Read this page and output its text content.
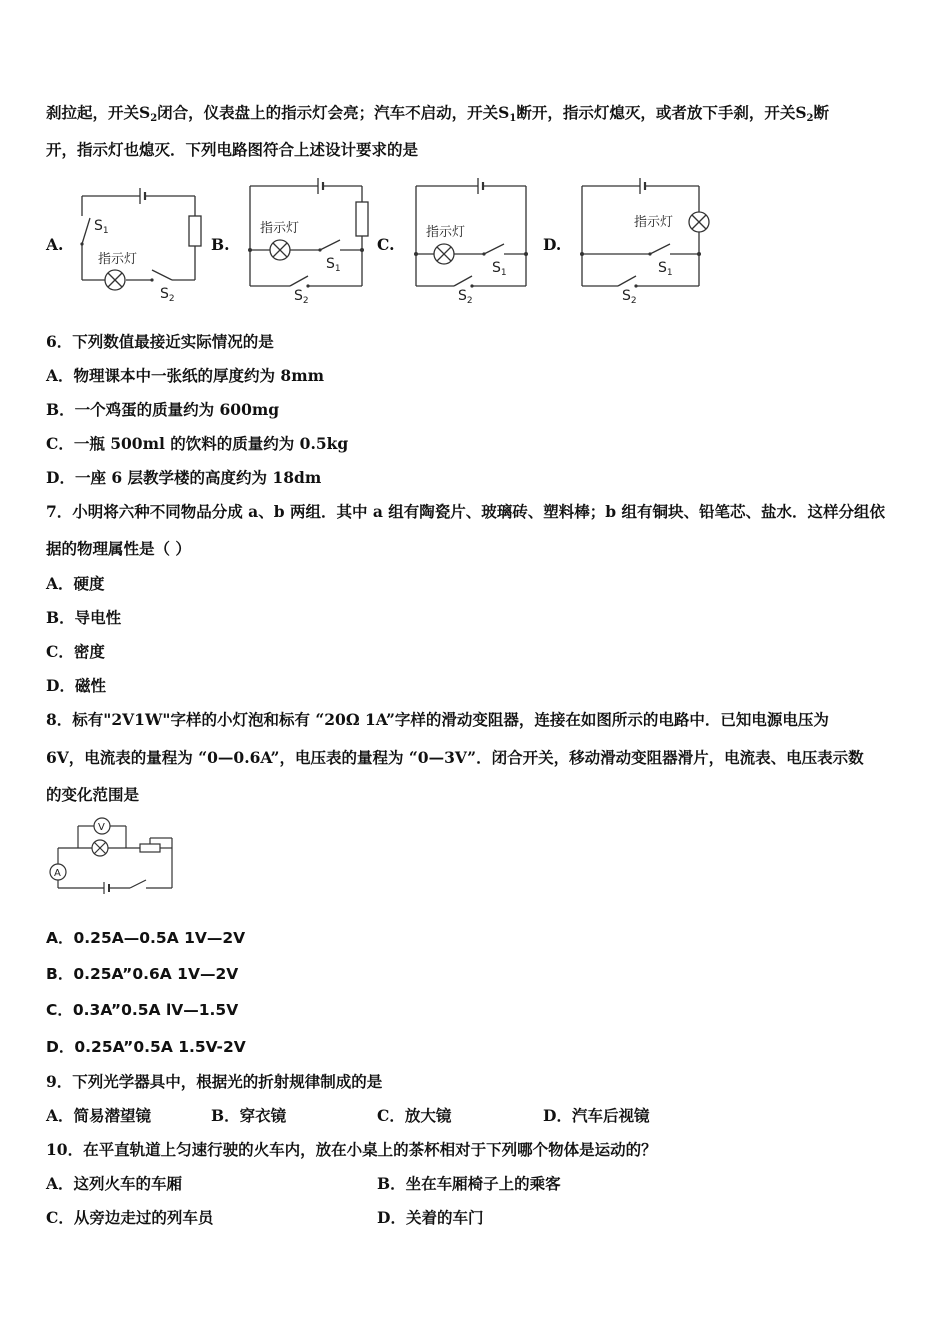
刹拉起，开关$S_2$闭合，仪表盘上的指示灯会亮；汽车不启动，开关$S_1$断开，指示灯熄灭，或者放下手刹，开关$S_2$断
开，指示灯也熄灭．下列电路图符合上述设计要求的是
A.	B.	C.	D.
$S_1$
指示灯
$S_2$
指示灯
$S_1$
$S_2$
指示灯
$S_1$
$S_2$
指示灯
$S_1$
$S_2$
6．下列数值最接近实际情况的是
A．物理课本中一张纸的厚度约为 8mm
B．一个鸡蛋的质量约为 600mg
C．一瓶 500ml 的饮料的质量约为 0.5kg
D．一座 6 层教学楼的高度约为 18dm
7．小明将六种不同物品分成 a、b 两组．其中 a 组有陶瓷片、玻璃砖、塑料棒；b 组有铜块、铅笔芯、盐水．这样分组依
据的物理属性是（ ）
A．硬度
B．导电性
C．密度
D．磁性
8．标有"2V1W"字样的小灯泡和标有 “20Ω 1A”字样的滑动变阻器，连接在如图所示的电路中．已知电源电压为
6V，电流表的量程为 “0—0.6A”，电压表的量程为 “0—3V”．闭合开关，移动滑动变阻器滑片，电流表、电压表示数
的变化范围是
V
A
A．0.25A—0.5A 1V—2V
B．0.25A”0.6A 1V—2V
C．0.3A”0.5A lV—1.5V
D．0.25A”0.5A 1.5V-2V
9．下列光学器具中，根据光的折射规律制成的是
A．简易潜望镜	B．穿衣镜	C．放大镜	D．汽车后视镜
10．在平直轨道上匀速行驶的火车内，放在小桌上的茶杯相对于下列哪个物体是运动的？
A．这列火车的车厢	B．坐在车厢椅子上的乘客
C．从旁边走过的列车员	D．关着的车门
